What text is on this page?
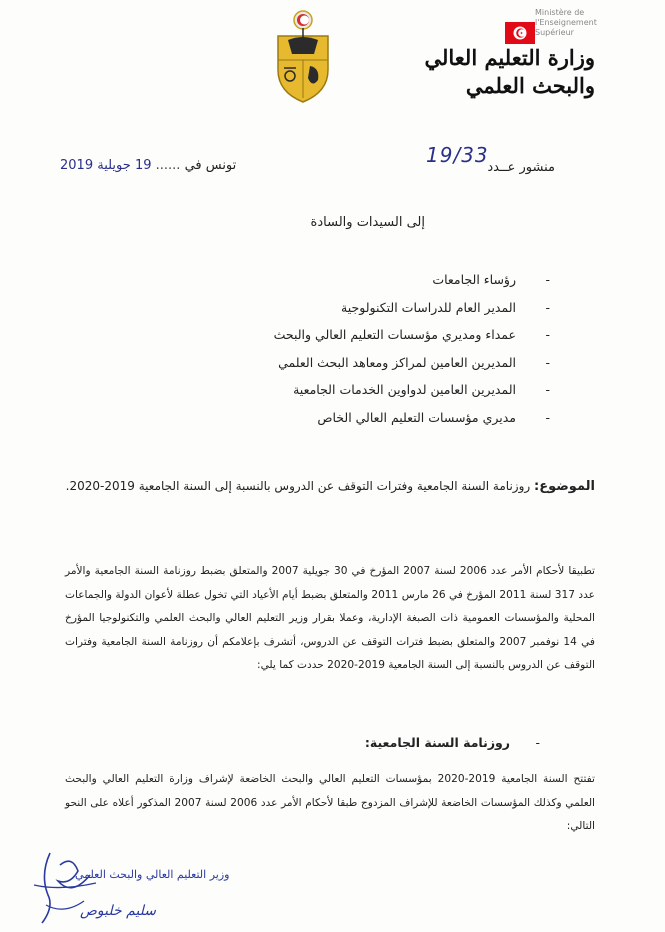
وزارة التعليم العالي
والبحث العلمي
Ministère de l'Enseignement Supérieur
منشور عــدد
19/33
تونس في ...... 19 جويلية 2019
إلى السيدات والسادة
-رؤساء الجامعات
-المدير العام للدراسات التكنولوجية
-عمداء ومديري مؤسسات التعليم العالي والبحث
-المديرين العامين لمراكز ومعاهد البحث العلمي
-المديرين العامين لدواوين الخدمات الجامعية
-مديري مؤسسات التعليم العالي الخاص
الموضوع: روزنامة السنة الجامعية وفترات التوقف عن الدروس بالنسبة إلى السنة الجامعية 2019-2020.

تطبيقا لأحكام الأمر عدد 2006 لسنة 2007 المؤرخ في 30 جويلية 2007 والمتعلق بضبط روزنامة السنة الجامعية والأمر عدد 317 لسنة 2011 المؤرخ في 26 مارس 2011 والمتعلق بضبط أيام الأعياد التي تخول عطلة لأعوان الدولة والجماعات المحلية والمؤسسات العمومية ذات الصبغة الإدارية، وعملا بقرار وزير التعليم العالي والبحث العلمي والتكنولوجيا المؤرخ في 14 نوفمبر 2007 والمتعلق بضبط فترات التوقف عن الدروس، أتشرف بإعلامكم أن روزنامة السنة الجامعية وفترات التوقف عن الدروس بالنسبة إلى السنة الجامعية 2019-2020 حددت كما يلي:

-روزنامة السنة الجامعية:

تفتتح السنة الجامعية 2019-2020 بمؤسسات التعليم العالي والبحث الخاضعة لإشراف وزارة التعليم العالي والبحث العلمي وكذلك المؤسسات الخاضعة للإشراف المزدوج طبقا لأحكام الأمر عدد 2006 لسنة 2007 المذكور أعلاه على النحو التالي:

وزير التعليم العالي والبحث العلمي
سليم خلبوص
